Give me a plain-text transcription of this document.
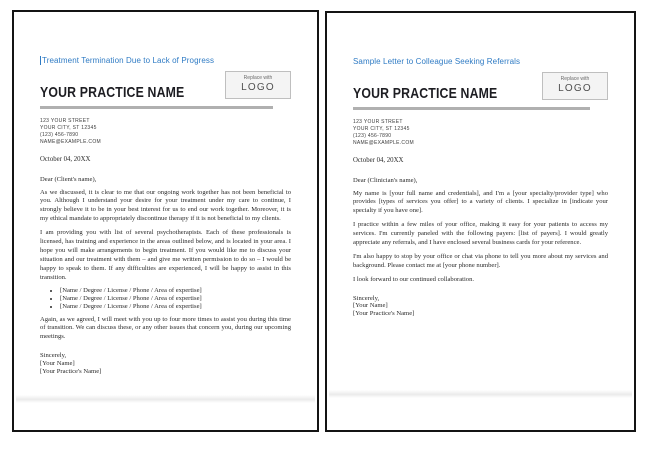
Treatment Termination Due to Lack of Progress
YOUR PRACTICE NAME
Replace with
LOGO
123 YOUR STREET
YOUR CITY, ST 12345
(123) 456-7890
NAME@EXAMPLE.COM
October 04, 20XX

Dear (Client's name),

As we discussed, it is clear to me that our ongoing work together has not been beneficial to you. Although I understand your desire for your treatment under my care to continue, I strongly believe it to be in your best interest for us to end our work together. Moreover, it is my ethical mandate to appropriately discontinue therapy if it is not beneficial to my clients.

I am providing you with list of several psychotherapists. Each of these professionals is licensed, has training and experience in the areas outlined below, and is located in your area. I hope you will make arrangements to begin treatment. If you would like me to discuss your situation and our treatment with them – and give me written permission to do so – I would be happy to speak to them. If any difficulties are experienced, I will be happy to assist in this transition.

• [Name / Degree / License / Phone / Area of expertise]
• [Name / Degree / License / Phone / Area of expertise]
• [Name / Degree / License / Phone / Area of expertise]

Again, as we agreed, I will meet with you up to four more times to assist you during this time of transition. We can discuss these, or any other issues that concern you, during our upcoming meetings.

Sincerely,
[Your Name]
[Your Practice's Name]
Sample Letter to Colleague Seeking Referrals
YOUR PRACTICE NAME
Replace with
LOGO
123 YOUR STREET
YOUR CITY, ST 12345
(123) 456-7890
NAME@EXAMPLE.COM
October 04, 20XX

Dear (Clinician's name),

My name is [your full name and credentials], and I'm a [your specialty/provider type] who provides [types of services you offer] to a variety of clients. I specialize in [indicate your specialty if you have one].

I practice within a few miles of your office, making it easy for your patients to access my services. I'm currently paneled with the following payers: [list of payers]. I would greatly appreciate any referrals, and I have enclosed several business cards for your reference.

I'm also happy to stop by your office or chat via phone to tell you more about my services and background. Please contact me at [your phone number].

I look forward to our continued collaboration.

Sincerely,
[Your Name]
[Your Practice's Name]
